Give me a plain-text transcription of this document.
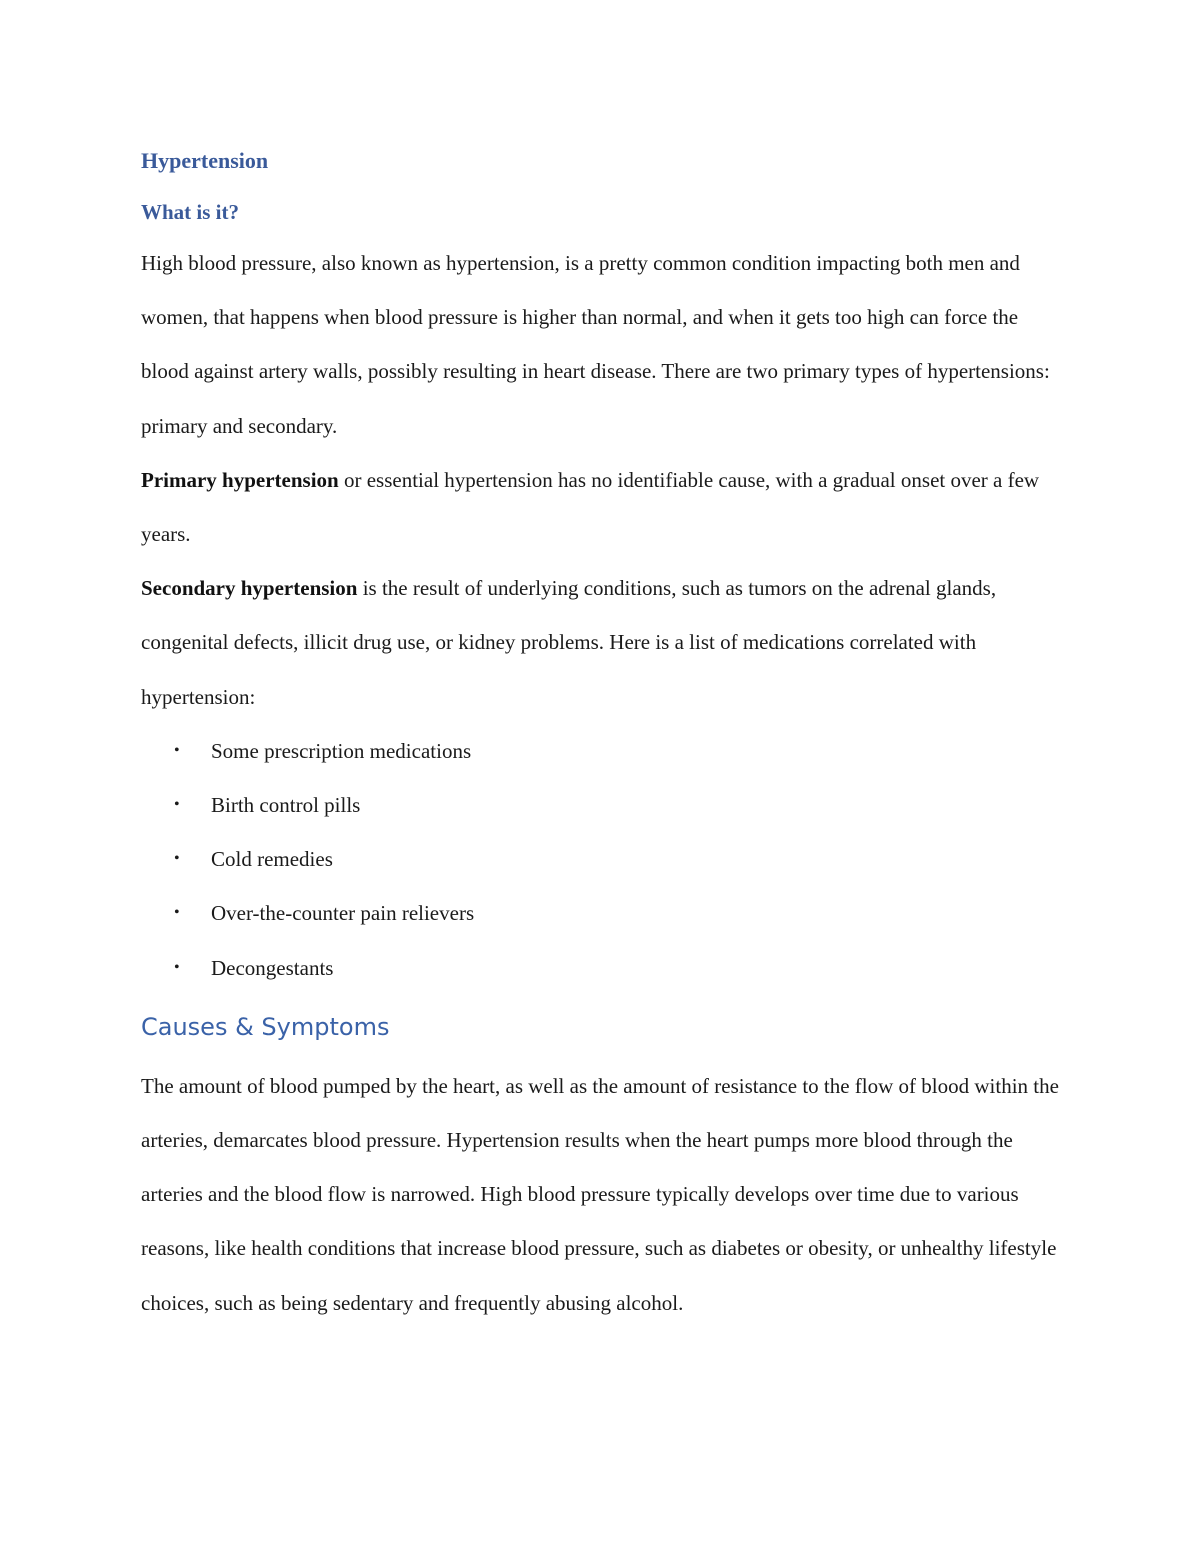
Hypertension
What is it?

High blood pressure, also known as hypertension, is a pretty common condition impacting both men and women, that happens when blood pressure is higher than normal, and when it gets too high can force the blood against artery walls, possibly resulting in heart disease. There are two primary types of hypertensions: primary and secondary.

Primary hypertension or essential hypertension has no identifiable cause, with a gradual onset over a few years.

Secondary hypertension is the result of underlying conditions, such as tumors on the adrenal glands, congenital defects, illicit drug use, or kidney problems. Here is a list of medications correlated with hypertension:

• Some prescription medications
• Birth control pills
• Cold remedies
• Over-the-counter pain relievers
• Decongestants
Causes & Symptoms

The amount of blood pumped by the heart, as well as the amount of resistance to the flow of blood within the arteries, demarcates blood pressure. Hypertension results when the heart pumps more blood through the arteries and the blood flow is narrowed. High blood pressure typically develops over time due to various reasons, like health conditions that increase blood pressure, such as diabetes or obesity, or unhealthy lifestyle choices, such as being sedentary and frequently abusing alcohol.
